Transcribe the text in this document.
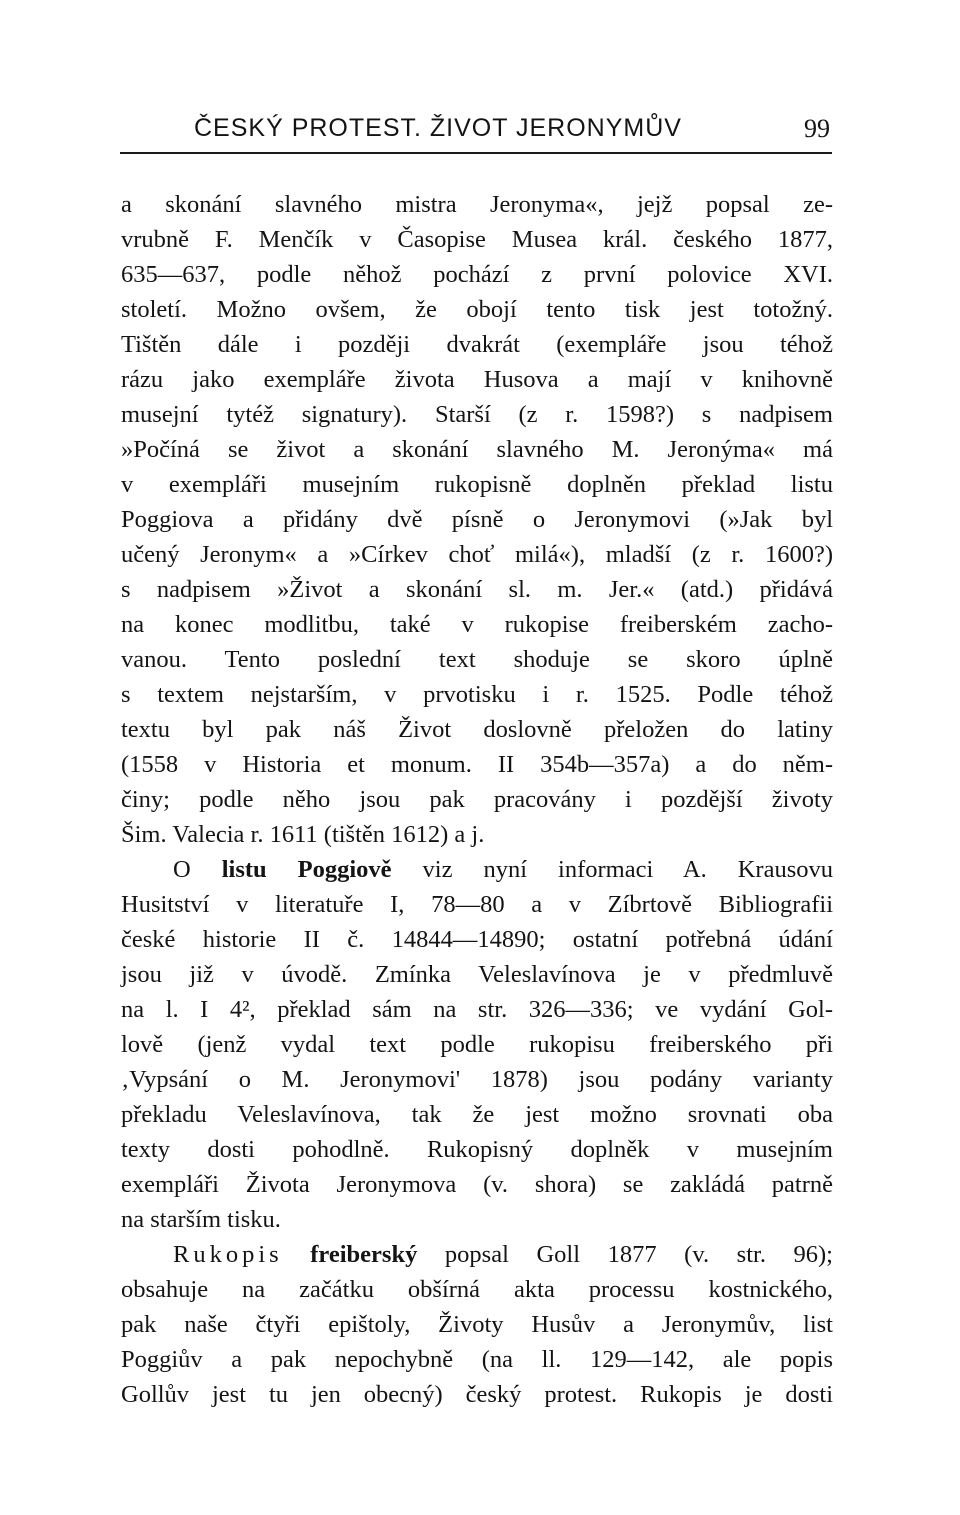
ČESKÝ PROTEST. ŽIVOT JERONYMŮV	99
a skonání slavného mistra Jeronyma«, jejž popsal ze-
vrubně F. Menčík v Časopise Musea král. českého 1877,
635—637, podle něhož pochází z první polovice XVI.
století. Možno ovšem, že obojí tento tisk jest totožný.
Tištěn dále i později dvakrát (exempláře jsou téhož
rázu jako exempláře života Husova a mají v knihovně
musejní tytéž signatury). Starší (z r. 1598?) s nadpisem
»Počíná se život a skonání slavného M. Jeronýma« má
v exempláři musejním rukopisně doplněn překlad listu
Poggiova a přidány dvě písně o Jeronymovi (»Jak byl
učený Jeronym« a »Církev choť milá«), mladší (z r. 1600?)
s nadpisem »Život a skonání sl. m. Jer.« (atd.) přidává
na konec modlitbu, také v rukopise freiberském zacho-
vanou. Tento poslední text shoduje se skoro úplně
s textem nejstarším, v prvotisku i r. 1525. Podle téhož
textu byl pak náš Život doslovně přeložen do latiny
(1558 v Historia et monum. II 354b—357a) a do něm-
činy; podle něho jsou pak pracovány i pozdější životy
Šim. Valecia r. 1611 (tištěn 1612) a j.
O listu Poggiově viz nyní informaci A. Krausovu
Husitství v literatuře I, 78—80 a v Zíbrtově Bibliografii
české historie II č. 14844—14890; ostatní potřebná údání
jsou již v úvodě. Zmínka Veleslavínova je v předmluvě
na l. I 4², překlad sám na str. 326—336; ve vydání Gol-
lově (jenž vydal text podle rukopisu freiberského při
‚Vypsání o M. Jeronymovi' 1878) jsou podány varianty
překladu Veleslavínova, tak že jest možno srovnati oba
texty dosti pohodlně. Rukopisný doplněk v musejním
exempláři Života Jeronymova (v. shora) se zakládá patrně
na starším tisku.
Rukopis freiberský popsal Goll 1877 (v. str. 96);
obsahuje na začátku obšírná akta processu kostnického,
pak naše čtyři epištoly, Životy Husův a Jeronymův, list
Poggiův a pak nepochybně (na ll. 129—142, ale popis
Gollův jest tu jen obecný) český protest. Rukopis je dosti
